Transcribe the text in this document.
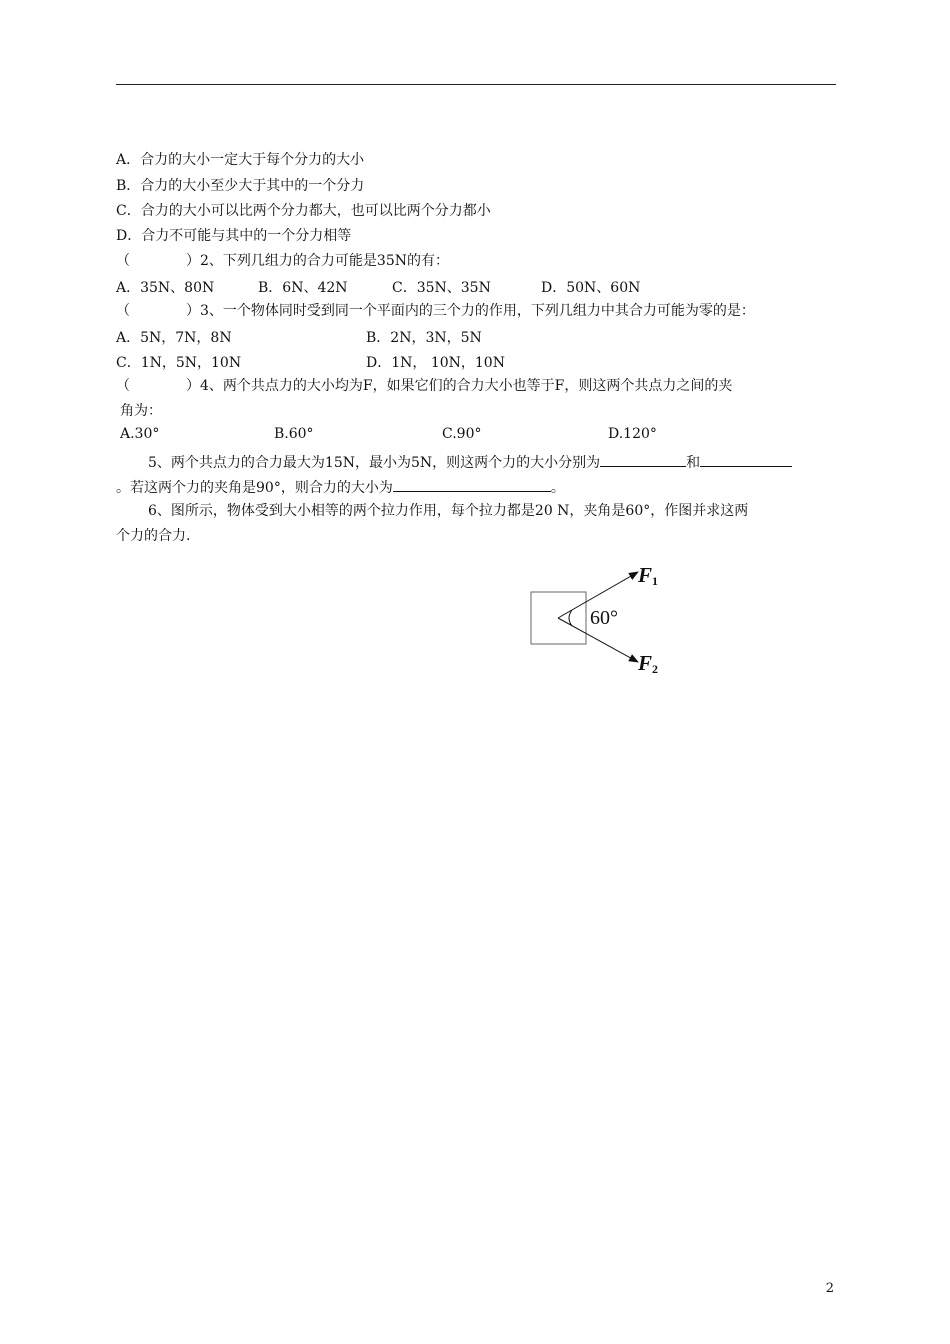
A．合力的大小一定大于每个分力的大小
B．合力的大小至少大于其中的一个分力
C．合力的大小可以比两个分力都大，也可以比两个分力都小
D．合力不可能与其中的一个分力相等
（　　　　）2、下列几组力的合力可能是35N的有：
A．35N、80N	B．6N、42N	C．35N、35N	D．50N、60N
（　　　　）3、一个物体同时受到同一个平面内的三个力的作用，下列几组力中其合力可能为零的是：
A．5N，7N，8N	B．2N，3N，5N
C．1N，5N，10N	D．1N， 10N，10N
（　　　　）4、两个共点力的大小均为F，如果它们的合力大小也等于F，则这两个共点力之间的夹
角为：
A.30°	B.60°	C.90°	D.120°
5、两个共点力的合力最大为15N，最小为5N，则这两个力的大小分别为	和
。若这两个力的夹角是90°，则合力的大小为	。
6、图所示，物体受到大小相等的两个拉力作用，每个拉力都是20 N，夹角是60°，作图并求这两
个力的合力.
60°
F1
F2
2
